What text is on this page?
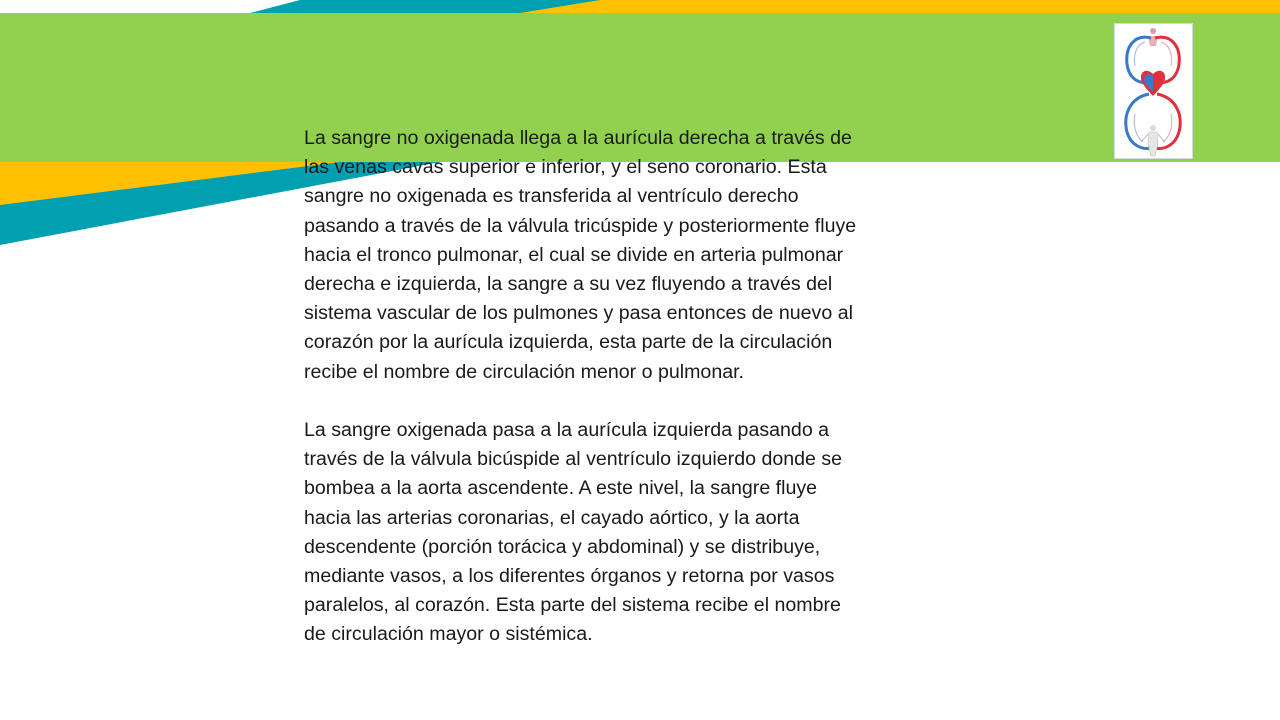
La sangre no oxigenada llega a la aurícula derecha a través de
las venas cavas superior e inferior, y el seno coronario. Esta
sangre no oxigenada es transferida al ventrículo derecho
pasando a través de la válvula tricúspide y posteriormente fluye
hacia el tronco pulmonar, el cual se divide en arteria pulmonar
derecha e izquierda, la sangre a su vez fluyendo a través del
sistema vascular de los pulmones y pasa entonces de nuevo al
corazón por la aurícula izquierda, esta parte de la circulación
recibe el nombre de circulación menor o pulmonar.

La sangre oxigenada pasa a la aurícula izquierda pasando a
través de la válvula bicúspide al ventrículo izquierdo donde se
bombea a la aorta ascendente. A este nivel, la sangre fluye
hacia las arterias coronarias, el cayado aórtico, y la aorta
descendente (porción torácica y abdominal) y se distribuye,
mediante vasos, a los diferentes órganos y retorna por vasos
paralelos, al corazón. Esta parte del sistema recibe el nombre
de circulación mayor o sistémica.
